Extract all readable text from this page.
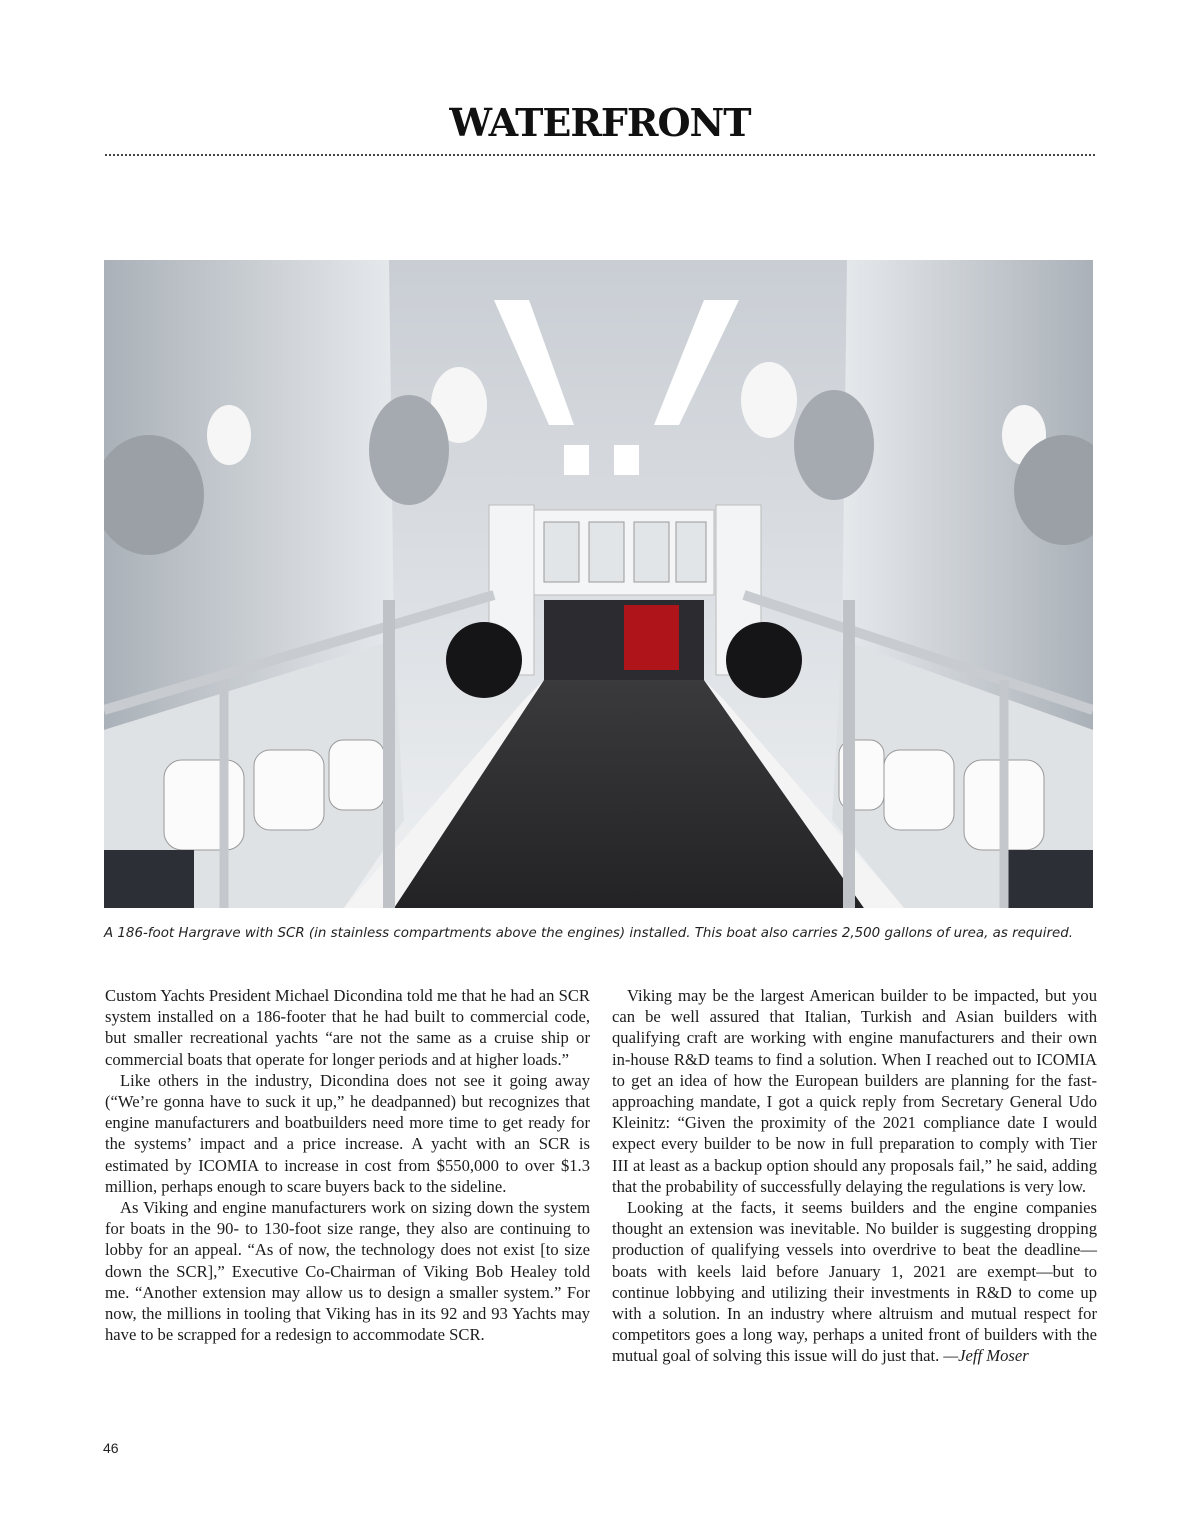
WATERFRONT
A 186-foot Hargrave with SCR (in stainless compartments above the engines) installed. This boat also carries 2,500 gallons of urea, as required.

Custom Yachts President Michael Dicondina told me that he had an SCR system installed on a 186-footer that he had built to commercial code, but smaller recreational yachts “are not the same as a cruise ship or commercial boats that operate for longer periods and at higher loads.”

Like others in the industry, Dicondina does not see it going away (“We’re gonna have to suck it up,” he deadpanned) but recognizes that engine manufacturers and boatbuilders need more time to get ready for the systems’ impact and a price increase. A yacht with an SCR is estimated by ICOMIA to increase in cost from $550,000 to over $1.3 million, perhaps enough to scare buyers back to the sideline.

As Viking and engine manufacturers work on sizing down the system for boats in the 90- to 130-foot size range, they also are continuing to lobby for an appeal. “As of now, the technology does not exist [to size down the SCR],” Executive Co-Chairman of Viking Bob Healey told me. “Another extension may allow us to design a smaller system.” For now, the millions in tooling that Viking has in its 92 and 93 Yachts may have to be scrapped for a redesign to accommodate SCR.

Viking may be the largest American builder to be impacted, but you can be well assured that Italian, Turkish and Asian builders with qualifying craft are working with engine manufacturers and their own in-house R&D teams to find a solution. When I reached out to ICOMIA to get an idea of how the European builders are planning for the fast-approaching mandate, I got a quick reply from Secretary General Udo Kleinitz: “Given the proximity of the 2021 compliance date I would expect every builder to be now in full preparation to comply with Tier III at least as a backup option should any proposals fail,” he said, adding that the probability of successfully delaying the regulations is very low.

Looking at the facts, it seems builders and the engine companies thought an extension was inevitable. No builder is suggesting dropping production of qualifying vessels into overdrive to beat the deadline—boats with keels laid before January 1, 2021 are exempt—but to continue lobbying and utilizing their investments in R&D to come up with a solution. In an industry where altruism and mutual respect for competitors goes a long way, perhaps a united front of builders with the mutual goal of solving this issue will do just that. —Jeff Moser

46
